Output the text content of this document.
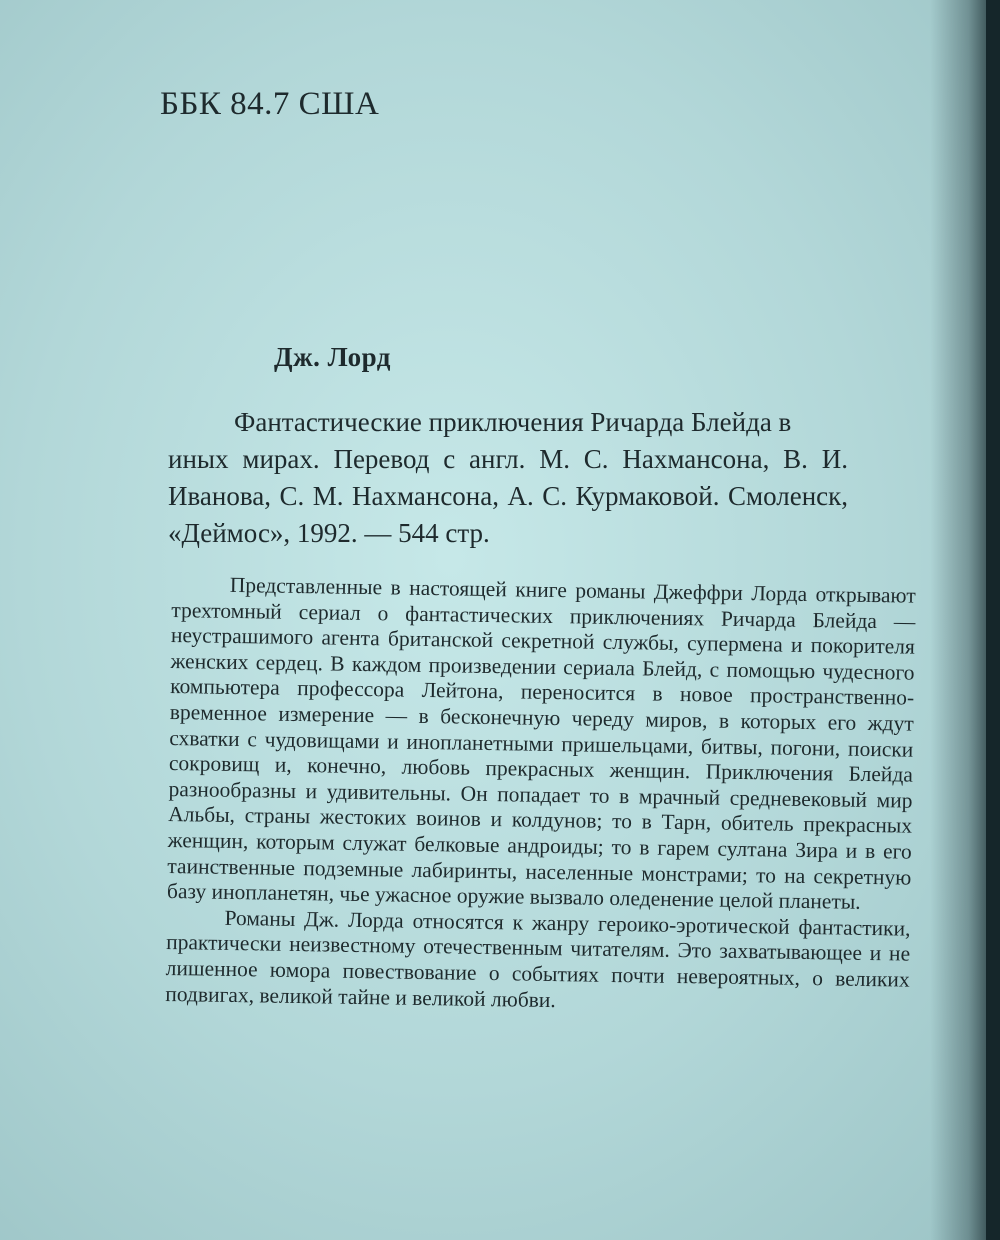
ББК 84.7 США
Дж. Лорд
Фантастические приключения Ричарда Блейда в
иных мирах. Перевод с англ. М. С. Нахмансона, В. И. Иванова, С. М. Нахмансона, А. С. Курмаковой. Смоленск, «Деймос», 1992. — 544 стр.

Представленные в настоящей книге романы Джеффри Лорда открывают трехтомный сериал о фантастических приключениях Ричарда Блейда — неустрашимого агента британской секретной службы, супермена и покорителя женских сердец. В каждом произведении сериала Блейд, с помощью чудесного компьютера профессора Лейтона, переносится в новое пространственно-временное измерение — в бесконечную череду миров, в которых его ждут схватки с чудовищами и инопланетными пришельцами, битвы, погони, поиски сокровищ и, конечно, любовь прекрасных женщин. Приключения Блейда разнообразны и удивительны. Он попадает то в мрачный средневековый мир Альбы, страны жестоких воинов и колдунов; то в Тарн, обитель прекрасных женщин, которым служат белковые андроиды; то в гарем султана Зира и в его таинственные подземные лабиринты, населенные монстрами; то на секретную базу инопланетян, чье ужасное оружие вызвало оледенение целой планеты.

Романы Дж. Лорда относятся к жанру героико-эротической фантастики, практически неизвестному отечественным читателям. Это захватывающее и не лишенное юмора повествование о событиях почти невероятных, о великих подвигах, великой тайне и великой любви.
